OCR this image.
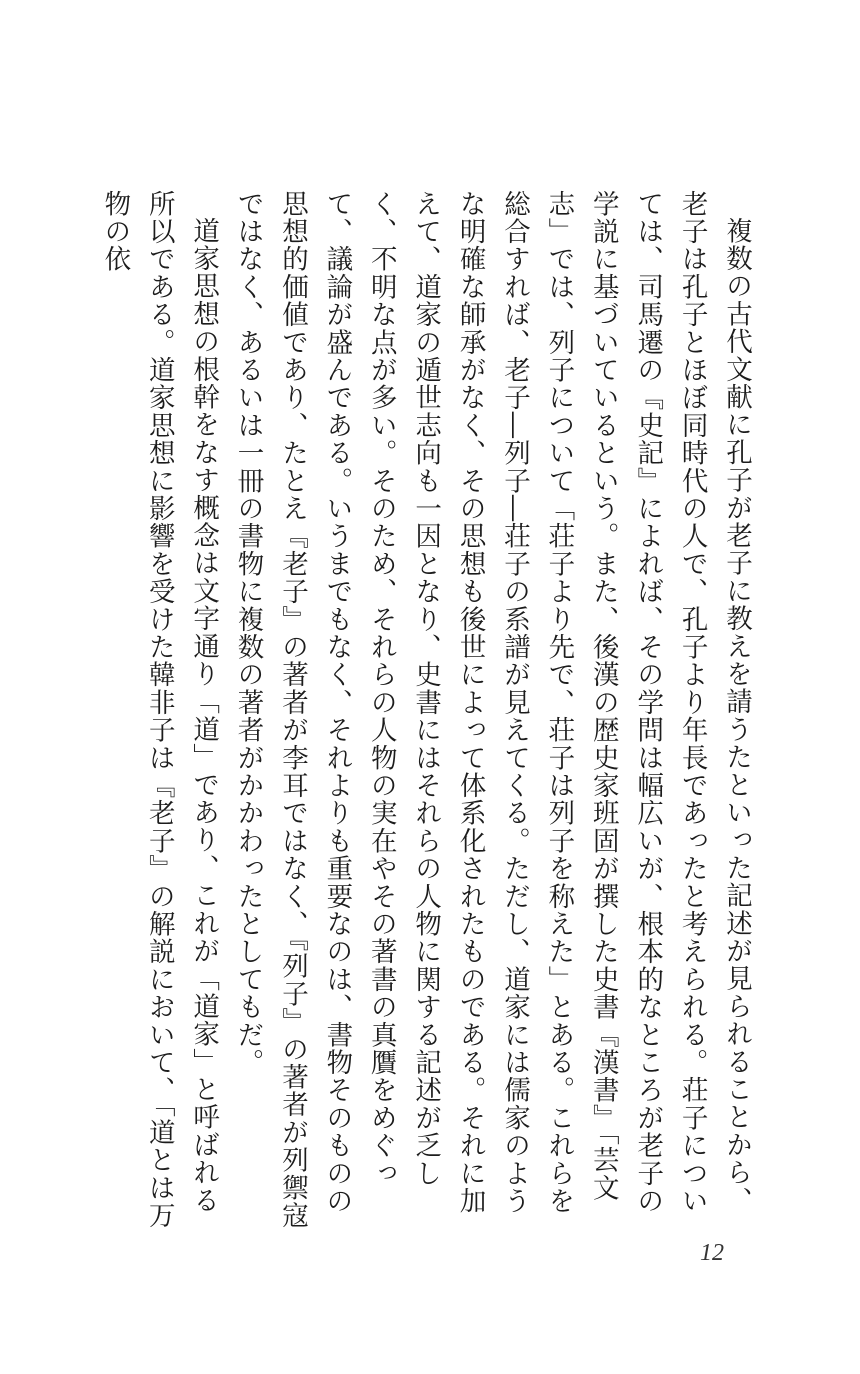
複数の古代文献に孔子が老子に教えを請うたといった記述が見られることから、老子は孔子とほぼ同時代の人で、孔子より年長であったと考えられる。荘子については、司馬遷の『史記』によれば、その学問は幅広いが、根本的なところが老子の学説に基づいているという。また、後漢の歴史家班固が撰した史書『漢書』「芸文志」では、列子について「荘子より先で、荘子は列子を称えた」とある。これらを総合すれば、老子―列子―荘子の系譜が見えてくる。ただし、道家には儒家のような明確な師承がなく、その思想も後世によって体系化されたものである。それに加えて、道家の遁世志向も一因となり、史書にはそれらの人物に関する記述が乏しく、不明な点が多い。そのため、それらの人物の実在やその著書の真贋をめぐって、議論が盛んである。いうまでもなく、それよりも重要なのは、書物そのものの思想的価値であり、たとえ『老子』の著者が李耳ではなく、『列子』の著者が列禦寇ではなく、あるいは一冊の書物に複数の著者がかかわったとしてもだ。

道家思想の根幹をなす概念は文字通り「道」であり、これが「道家」と呼ばれる所以である。道家思想に影響を受けた韓非子は『老子』の解説において、「道とは万物の依

12
